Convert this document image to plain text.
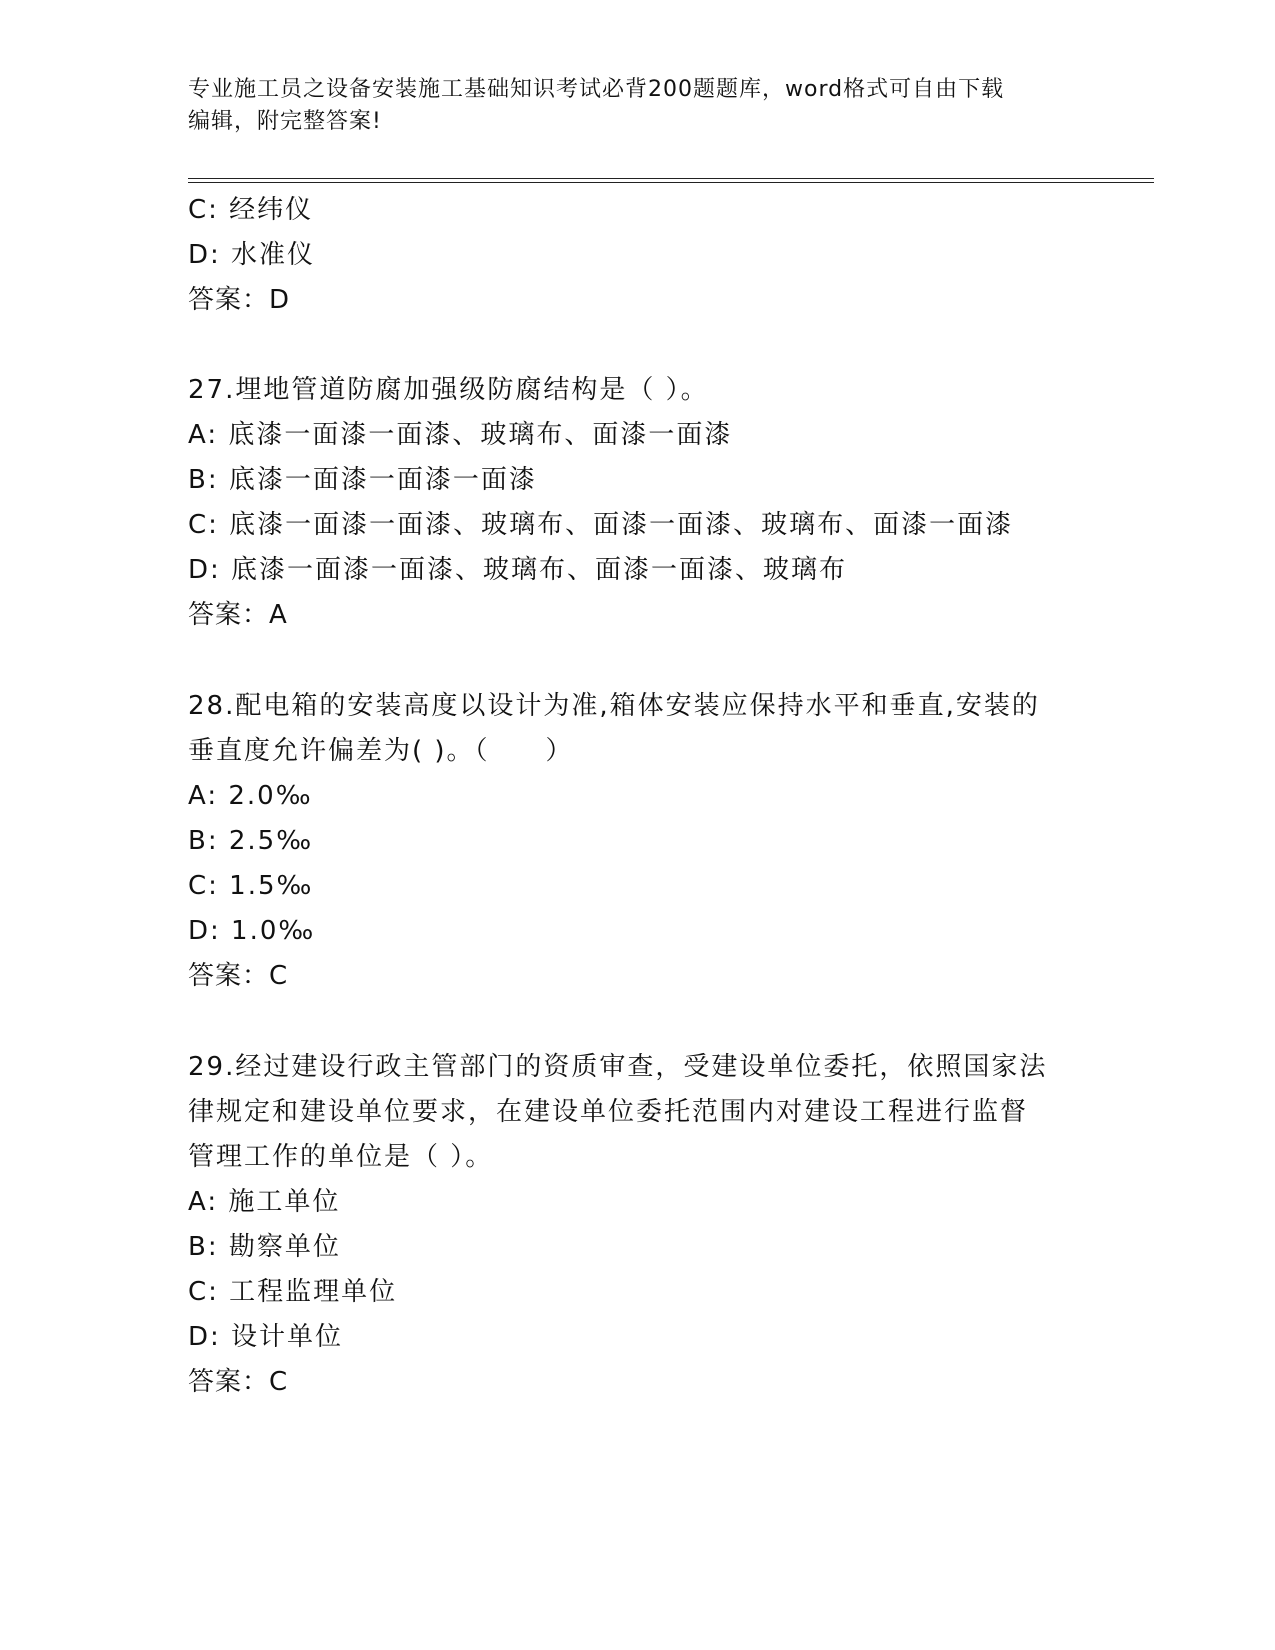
专业施工员之设备安装施工基础知识考试必背200题题库，word格式可自由下载
编辑，附完整答案!
C: 经纬仪
D: 水准仪
答案：D
27.埋地管道防腐加强级防腐结构是（ ）。
A: 底漆一面漆一面漆、玻璃布、面漆一面漆
B: 底漆一面漆一面漆一面漆
C: 底漆一面漆一面漆、玻璃布、面漆一面漆、玻璃布、面漆一面漆
D: 底漆一面漆一面漆、玻璃布、面漆一面漆、玻璃布
答案：A
28.配电箱的安装高度以设计为准,箱体安装应保持水平和垂直,安装的
垂直度允许偏差为( )。（　　）
A: 2.0‰
B: 2.5‰
C: 1.5‰
D: 1.0‰
答案：C
29.经过建设行政主管部门的资质审查，受建设单位委托，依照国家法
律规定和建设单位要求，在建设单位委托范围内对建设工程进行监督
管理工作的单位是（ ）。
A: 施工单位
B: 勘察单位
C: 工程监理单位
D: 设计单位
答案：C
